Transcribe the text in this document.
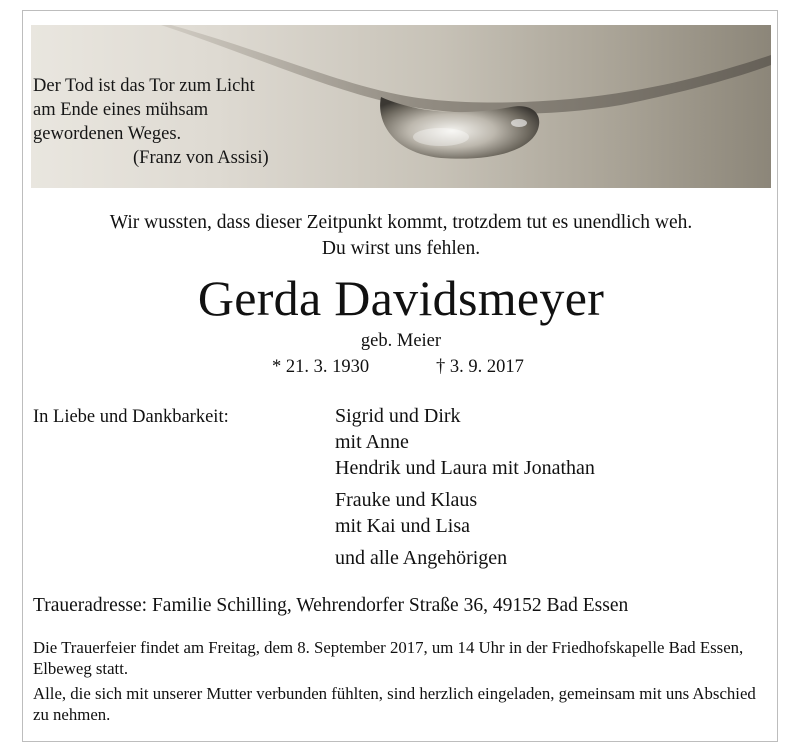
Der Tod ist das Tor zum Licht
am Ende eines mühsam
gewordenen Weges.
(Franz von Assisi)
Wir wussten, dass dieser Zeitpunkt kommt, trotzdem tut es unendlich weh.
Du wirst uns fehlen.
Gerda Davidsmeyer
geb. Meier
* 21. 3. 1930	† 3. 9. 2017
In Liebe und Dankbarkeit:	Sigrid und Dirk
mit Anne
Hendrik und Laura mit Jonathan
Frauke und Klaus
mit Kai und Lisa
und alle Angehörigen
Traueradresse: Familie Schilling, Wehrendorfer Straße 36, 49152 Bad Essen

Die Trauerfeier findet am Freitag, dem 8. September 2017, um 14 Uhr in der Friedhofskapelle Bad Essen, Elbeweg statt.

Alle, die sich mit unserer Mutter verbunden fühlten, sind herzlich eingeladen, gemeinsam mit uns Abschied zu nehmen.
